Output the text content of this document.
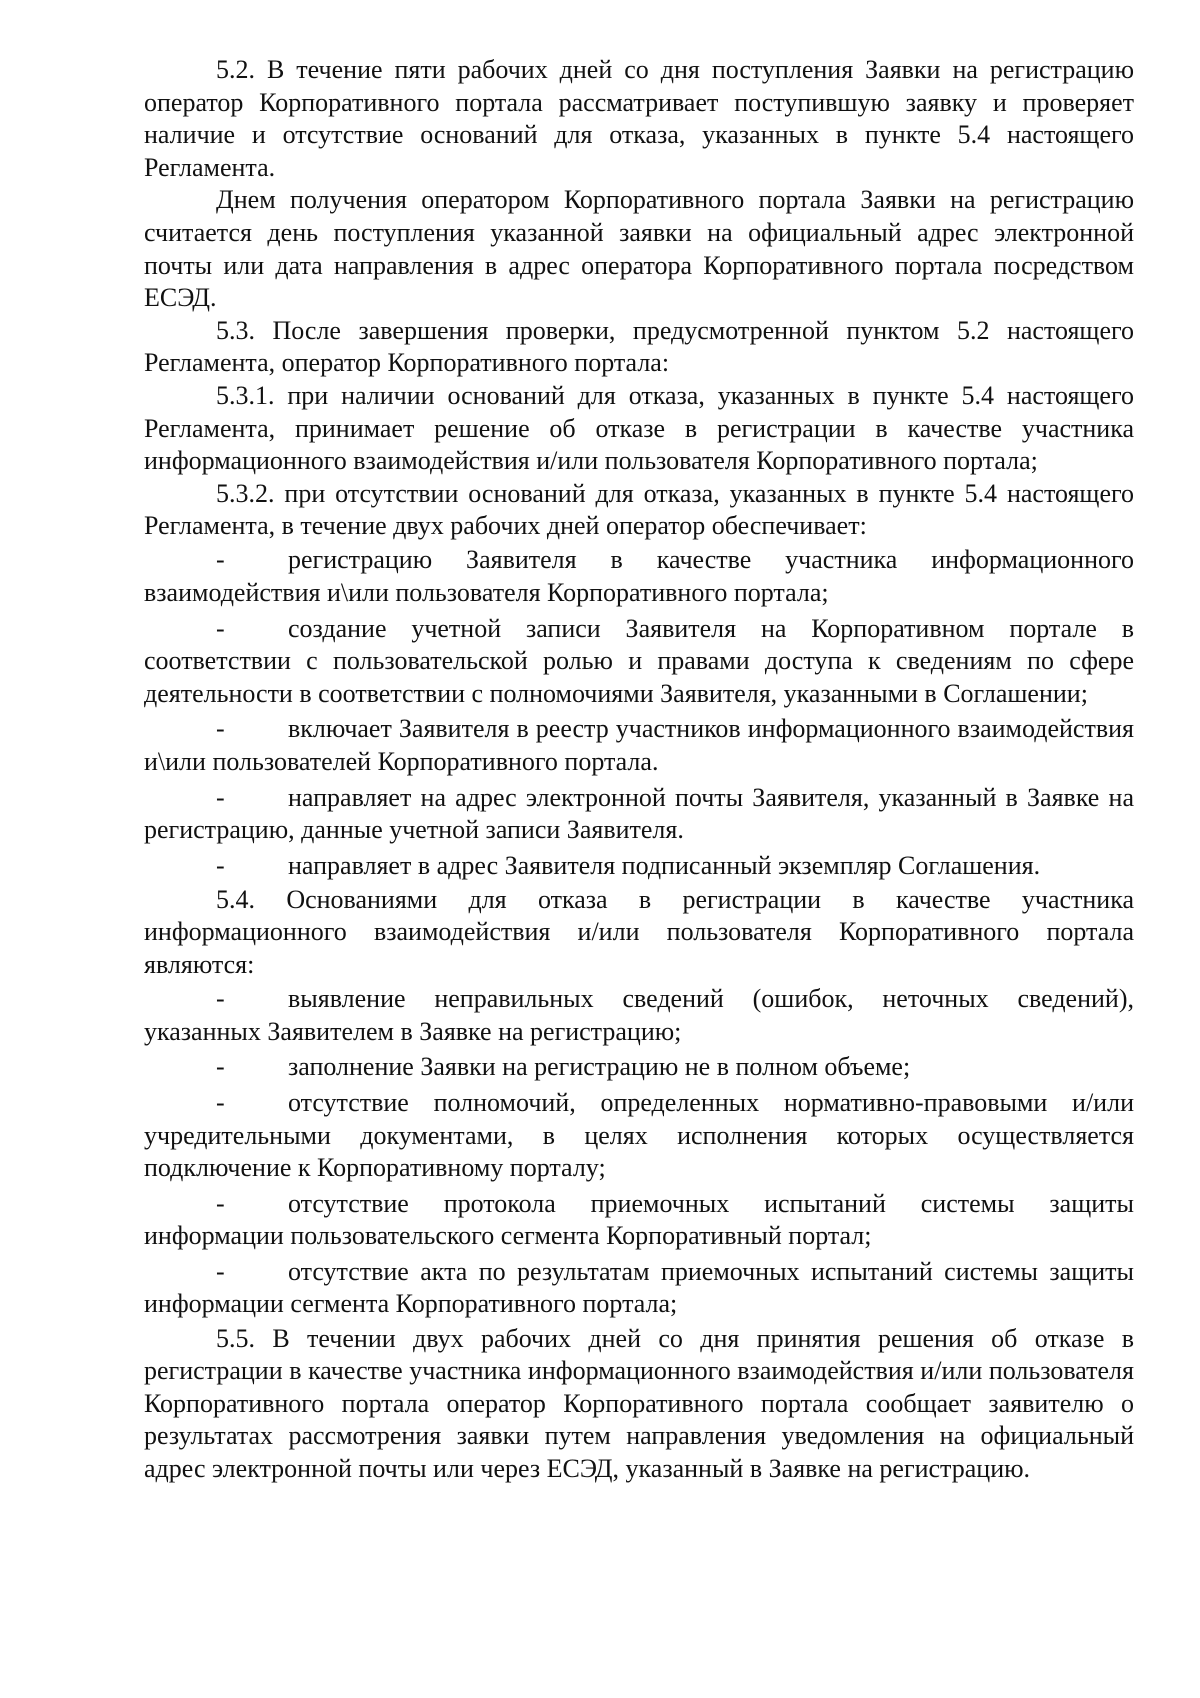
5.2. В течение пяти рабочих дней со дня поступления Заявки на регистрацию оператор Корпоративного портала рассматривает поступившую заявку и проверяет наличие и отсутствие оснований для отказа, указанных в пункте 5.4 настоящего Регламента.

Днем получения оператором Корпоративного портала Заявки на регистрацию считается день поступления указанной заявки на официальный адрес электронной почты или дата направления в адрес оператора Корпоративного портала посредством ЕСЭД.

5.3. После завершения проверки, предусмотренной пунктом 5.2 настоящего Регламента, оператор Корпоративного портала:

5.3.1. при наличии оснований для отказа, указанных в пункте 5.4 настоящего Регламента, принимает решение об отказе в регистрации в качестве участника информационного взаимодействия и/или пользователя Корпоративного портала;

5.3.2. при отсутствии оснований для отказа, указанных в пункте 5.4 настоящего Регламента, в течение двух рабочих дней оператор обеспечивает:

- регистрацию Заявителя в качестве участника информационного взаимодействия и\или пользователя Корпоративного портала;

- создание учетной записи Заявителя на Корпоративном портале в соответствии с пользовательской ролью и правами доступа к сведениям по сфере деятельности в соответствии с полномочиями Заявителя, указанными в Соглашении;

- включает Заявителя в реестр участников информационного взаимодействия и\или пользователей Корпоративного портала.

- направляет на адрес электронной почты Заявителя, указанный в Заявке на регистрацию, данные учетной записи Заявителя.

- направляет в адрес Заявителя подписанный экземпляр Соглашения.

5.4. Основаниями для отказа в регистрации в качестве участника информационного взаимодействия и/или пользователя Корпоративного портала являются:

- выявление неправильных сведений (ошибок, неточных сведений), указанных Заявителем в Заявке на регистрацию;

- заполнение Заявки на регистрацию не в полном объеме;

- отсутствие полномочий, определенных нормативно-правовыми и/или учредительными документами, в целях исполнения которых осуществляется подключение к Корпоративному порталу;

- отсутствие протокола приемочных испытаний системы защиты информации пользовательского сегмента Корпоративный портал;

- отсутствие акта по результатам приемочных испытаний системы защиты информации сегмента Корпоративного портала;

5.5. В течении двух рабочих дней со дня принятия решения об отказе в регистрации в качестве участника информационного взаимодействия и/или пользователя Корпоративного портала оператор Корпоративного портала сообщает заявителю о результатах рассмотрения заявки путем направления уведомления на официальный адрес электронной почты или через ЕСЭД, указанный в Заявке на регистрацию.
